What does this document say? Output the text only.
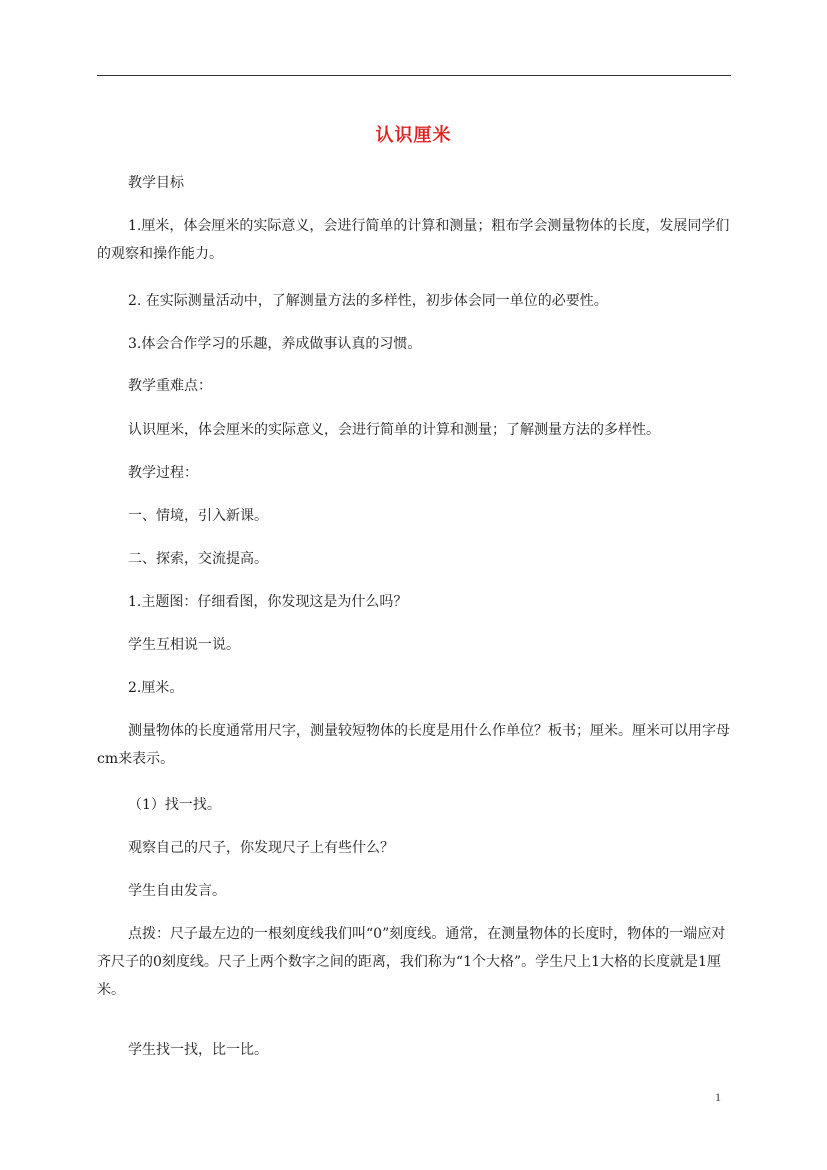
认识厘米
教学目标
1.厘米，体会厘米的实际意义，会进行简单的计算和测量；粗布学会测量物体的长度，发展同学们的观察和操作能力。
2. 在实际测量活动中，了解测量方法的多样性，初步体会同一单位的必要性。
3.体会合作学习的乐趣，养成做事认真的习惯。
教学重难点：
认识厘米，体会厘米的实际意义，会进行简单的计算和测量；了解测量方法的多样性。
教学过程：
一、情境，引入新课。
二、探索，交流提高。
1.主题图：仔细看图，你发现这是为什么吗？
学生互相说一说。
2.厘米。
测量物体的长度通常用尺字，测量较短物体的长度是用什么作单位？板书；厘米。厘米可以用字母cm来表示。
（1）找一找。
观察自己的尺子，你发现尺子上有些什么？
学生自由发言。
点拨：尺子最左边的一根刻度线我们叫“0”刻度线。通常，在测量物体的长度时，物体的一端应对齐尺子的0刻度线。尺子上两个数字之间的距离，我们称为“1个大格”。学生尺上1大格的长度就是1厘米。
学生找一找，比一比。
1
